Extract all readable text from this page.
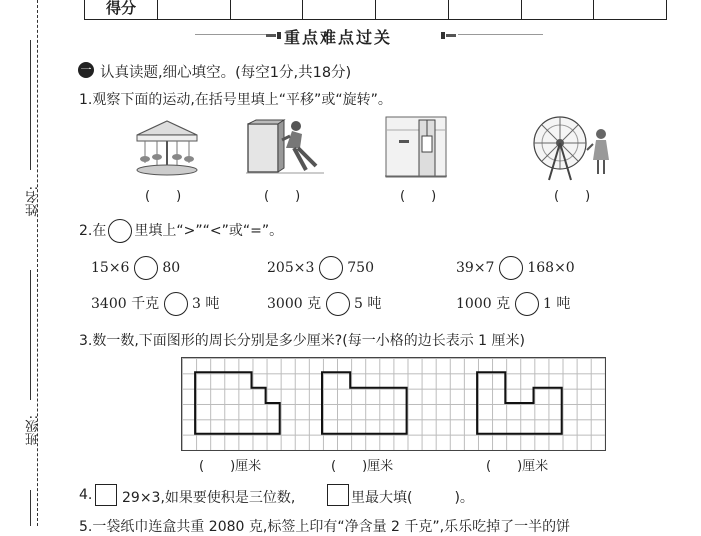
姓名:
班级:
得分
重点难点过关
一 认真读题,细心填空。(每空1分,共18分)
1.观察下面的运动,在括号里填上“平移”或“旋转”。
(　　)	(　　)	(　　)	(　　)
2.在 里填上“>”“<”或“=”。
15×6 80	205×3 750	39×7 168×0
3400 千克 3 吨	3000 克 5 吨	1000 克 1 吨
3.数一数,下面图形的周长分别是多少厘米?(每一小格的边长表示 1 厘米)
(　　)厘米	(　　)厘米	(　　)厘米
4. 29×3,如果要使积是三位数,	里最大填(　　　)。
5.一袋纸巾连盒共重 2080 克,标签上印有“净含量 2 千克”,乐乐吃掉了一半的饼
